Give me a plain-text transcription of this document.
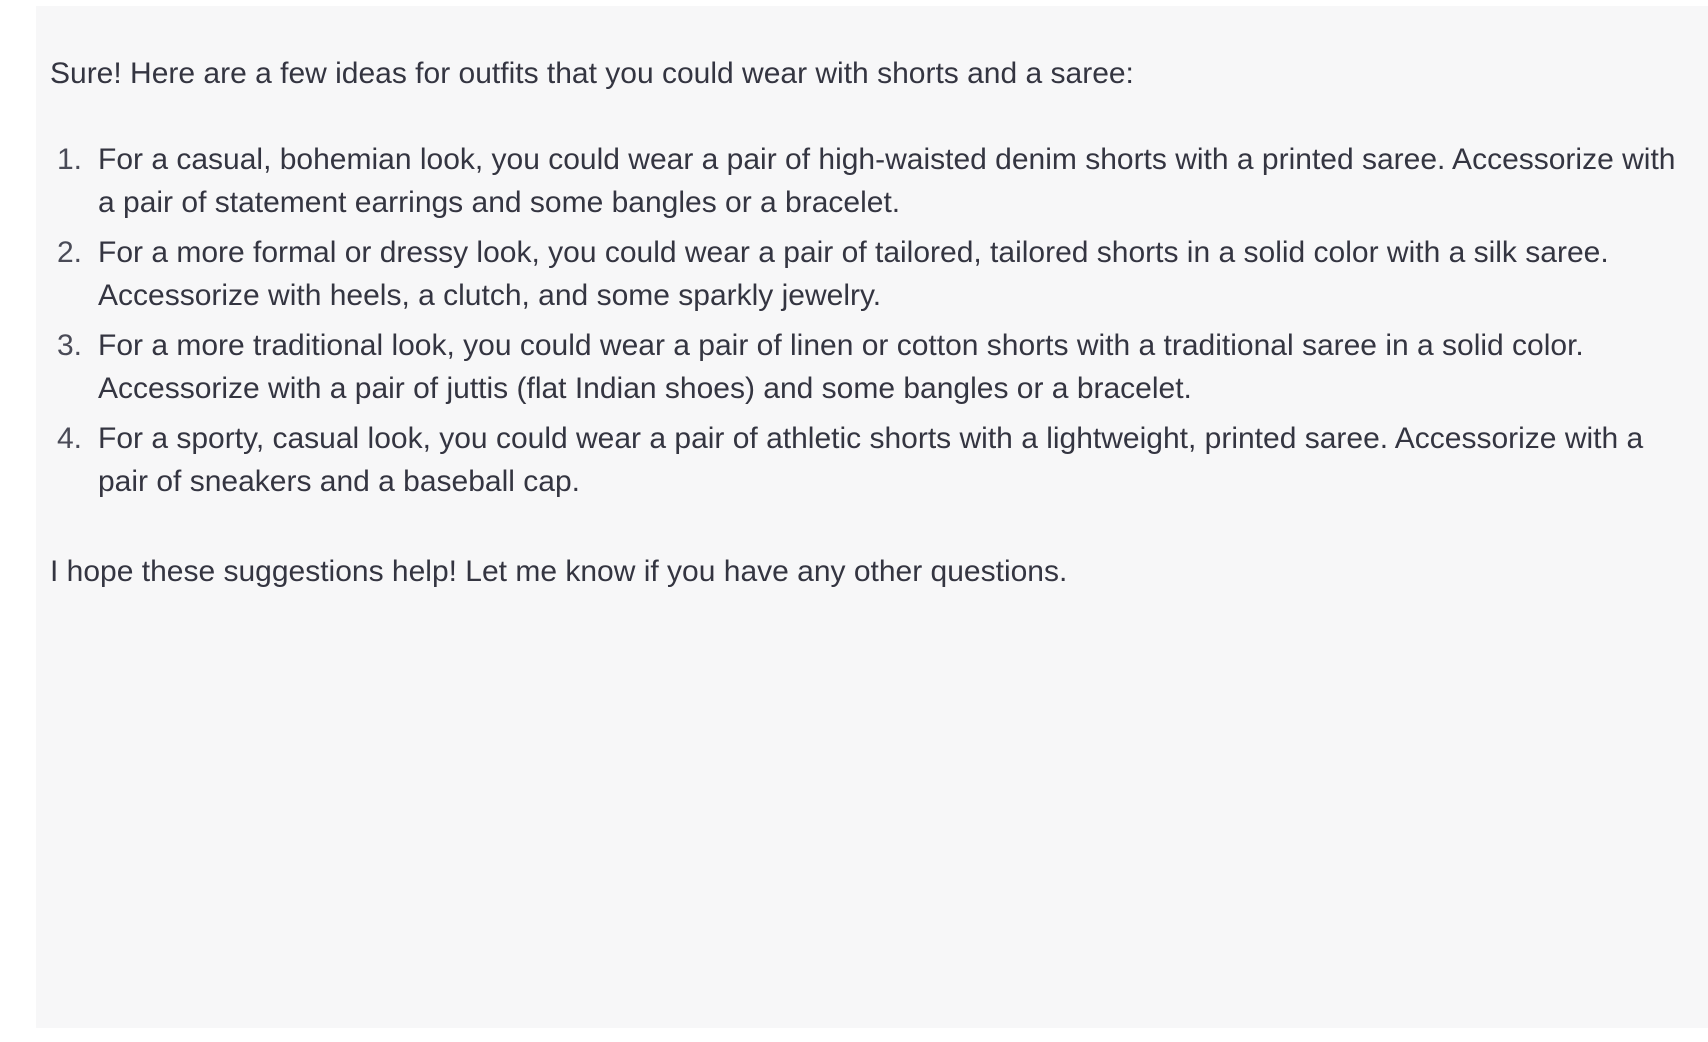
Sure! Here are a few ideas for outfits that you could wear with shorts and a saree:

1. For a casual, bohemian look, you could wear a pair of high-waisted denim shorts with a printed saree. Accessorize with a pair of statement earrings and some bangles or a bracelet.
2. For a more formal or dressy look, you could wear a pair of tailored, tailored shorts in a solid color with a silk saree. Accessorize with heels, a clutch, and some sparkly jewelry.
3. For a more traditional look, you could wear a pair of linen or cotton shorts with a traditional saree in a solid color. Accessorize with a pair of juttis (flat Indian shoes) and some bangles or a bracelet.
4. For a sporty, casual look, you could wear a pair of athletic shorts with a lightweight, printed saree. Accessorize with a pair of sneakers and a baseball cap.

I hope these suggestions help! Let me know if you have any other questions.
